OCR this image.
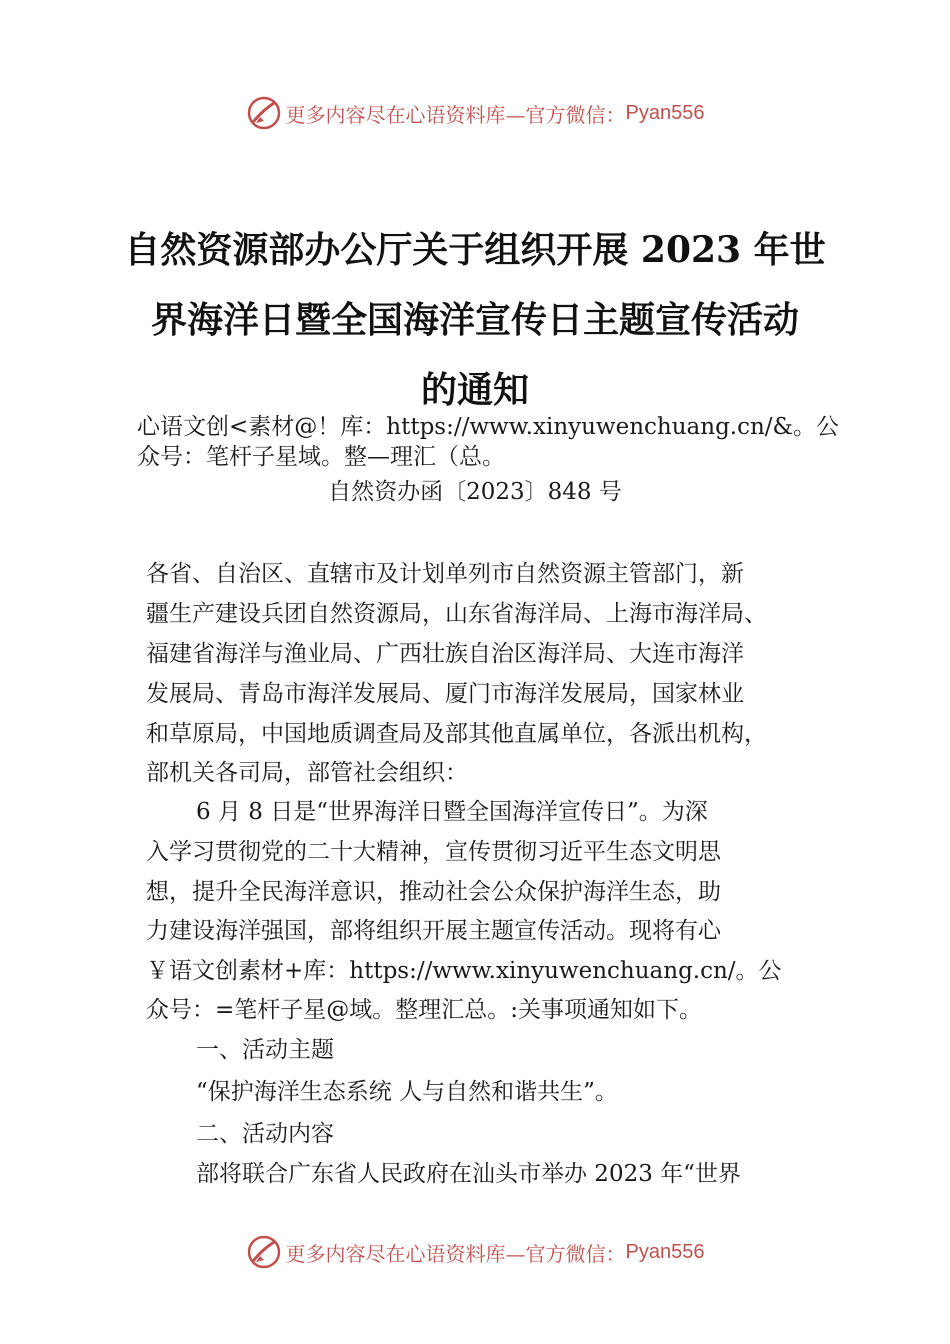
更多内容尽在心语资料库—官方微信： Pyan556
自然资源部办公厅关于组织开展 2023 年世
界海洋日暨全国海洋宣传日主题宣传活动
的通知
心语文创<素材@！库：https://www.xinyuwenchuang.cn/&。公
众号：笔杆子星域。整—理汇（总。
自然资办函〔2023〕848 号
各省、自治区、直辖市及计划单列市自然资源主管部门，新
疆生产建设兵团自然资源局，山东省海洋局、上海市海洋局、
福建省海洋与渔业局、广西壮族自治区海洋局、大连市海洋
发展局、青岛市海洋发展局、厦门市海洋发展局，国家林业
和草原局，中国地质调查局及部其他直属单位，各派出机构，
部机关各司局，部管社会组织：
6 月 8 日是“世界海洋日暨全国海洋宣传日”。为深
入学习贯彻党的二十大精神，宣传贯彻习近平生态文明思
想，提升全民海洋意识，推动社会公众保护海洋生态，助
力建设海洋强国，部将组织开展主题宣传活动。现将有心
￥语文创素材+库：https://www.xinyuwenchuang.cn/。公
众号：=笔杆子星@域。整理汇总。:关事项通知如下。
一、活动主题
“保护海洋生态系统 人与自然和谐共生”。
二、活动内容
部将联合广东省人民政府在汕头市举办 2023 年“世界
更多内容尽在心语资料库—官方微信： Pyan556
